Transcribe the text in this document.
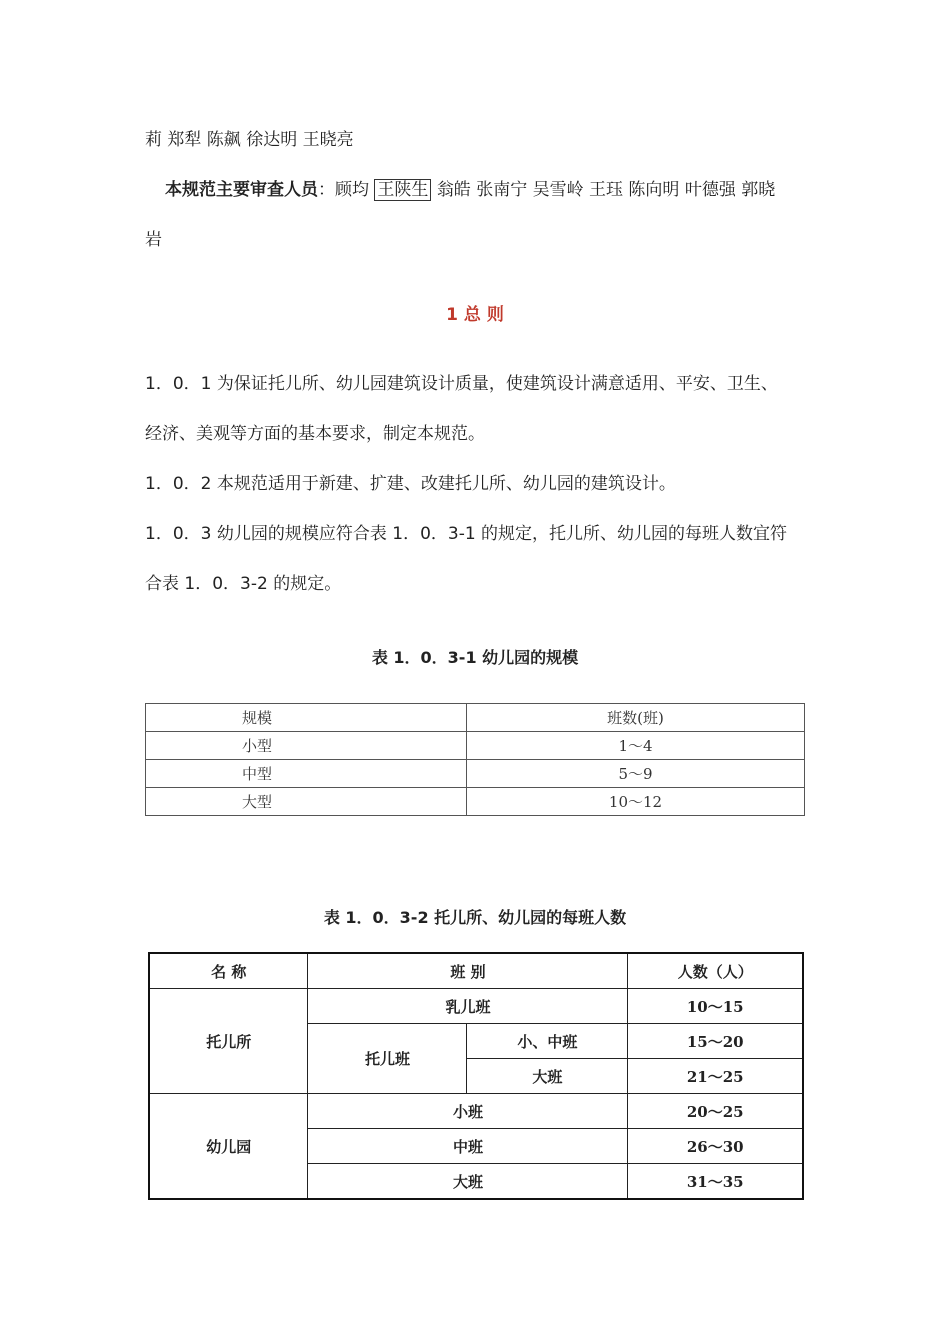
莉 郑犁 陈飙 徐达明 王晓亮
本规范主要审查人员：顾均 王陕生 翁皓 张南宁 吴雪岭 王珏 陈向明 叶德强 郭晓
岩
1 总 则
1．0．1 为保证托儿所、幼儿园建筑设计质量，使建筑设计满意适用、平安、卫生、
经济、美观等方面的基本要求，制定本规范。
1．0．2 本规范适用于新建、扩建、改建托儿所、幼儿园的建筑设计。
1．0．3 幼儿园的规模应符合表 1．0．3-1 的规定，托儿所、幼儿园的每班人数宜符
合表 1．0．3-2 的规定。
表 1．0．3-1 幼儿园的规模
规模	班数(班)
小型	1～4
中型	5～9
大型	10～12
表 1．0．3-2 托儿所、幼儿园的每班人数
名 称	班 别		人数（人）
托儿所	乳儿班		10～15
	托儿班	小、中班	15～20
		大班	21～25
幼儿园	小班		20～25
	中班		26～30
	大班		31～35
